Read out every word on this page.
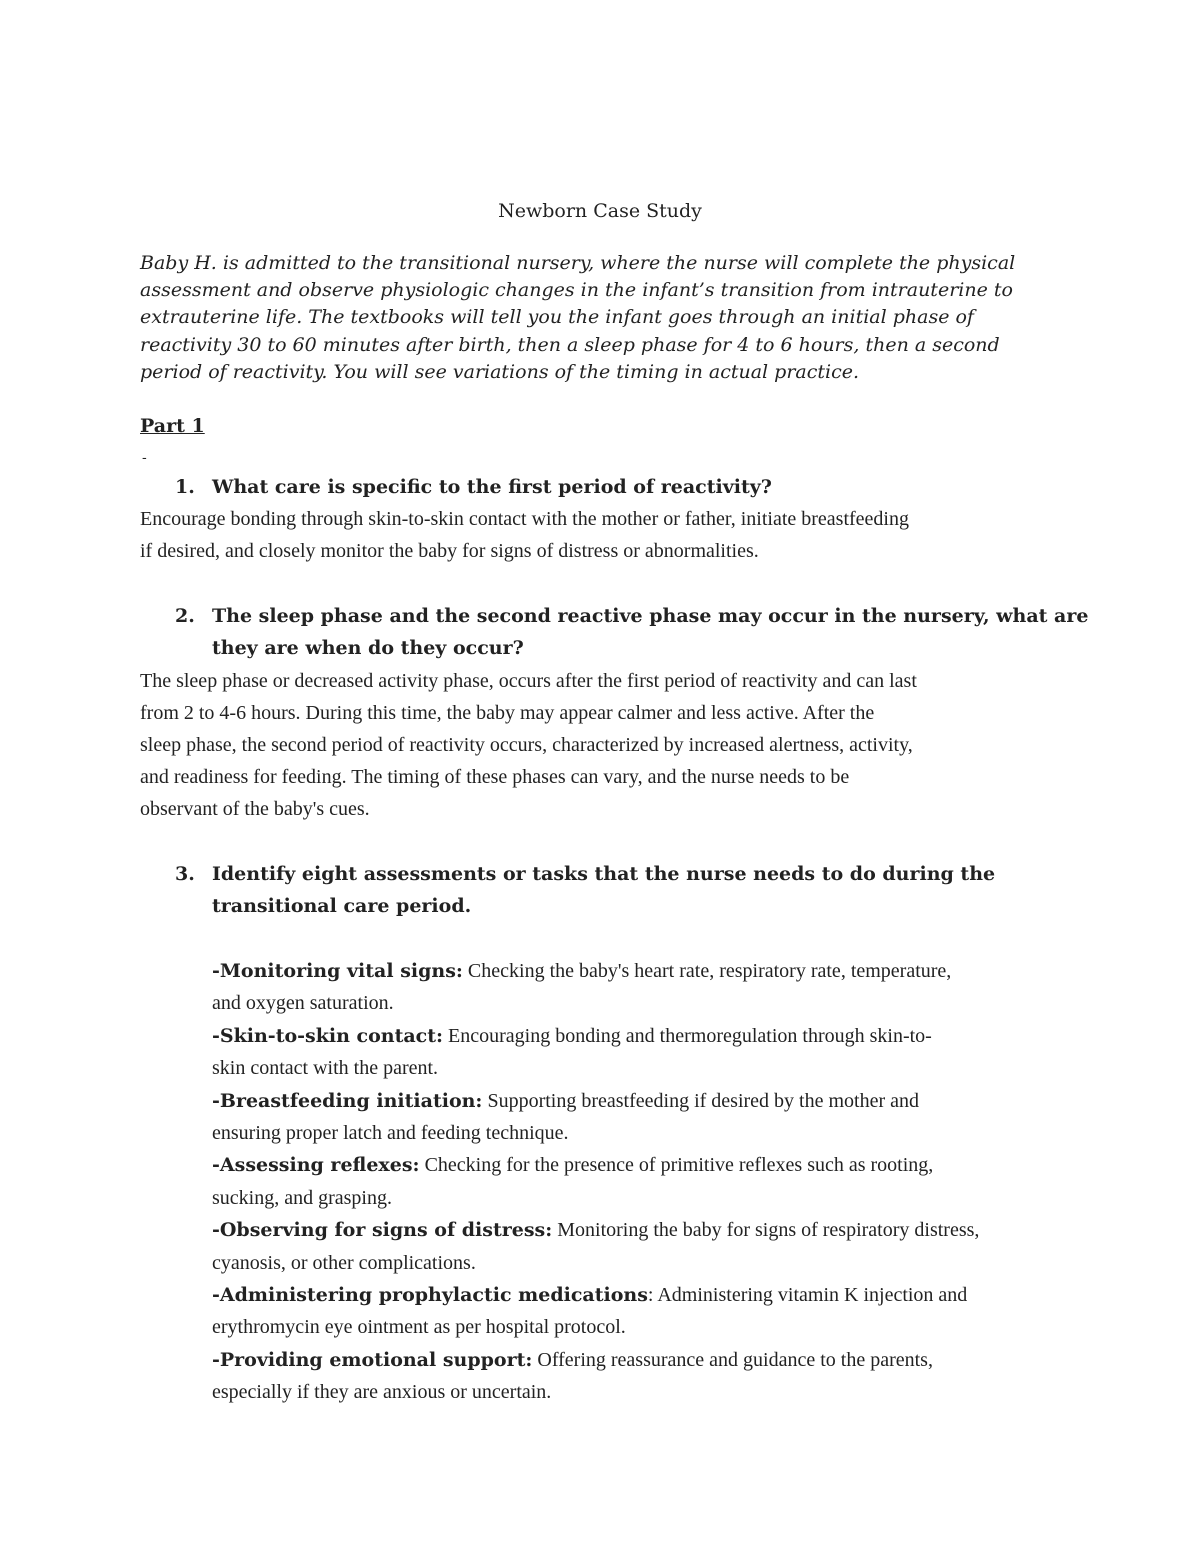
Newborn Case Study
Baby H. is admitted to the transitional nursery, where the nurse will complete the physical
assessment and observe physiologic changes in the infant’s transition from intrauterine to
extrauterine life. The textbooks will tell you the infant goes through an initial phase of
reactivity 30 to 60 minutes after birth, then a sleep phase for 4 to 6 hours, then a second
period of reactivity. You will see variations of the timing in actual practice.
Part 1
-
1. What care is specific to the first period of reactivity?
Encourage bonding through skin-to-skin contact with the mother or father, initiate breastfeeding
if desired, and closely monitor the baby for signs of distress or abnormalities.
2. The sleep phase and the second reactive phase may occur in the nursery, what are
they are when do they occur?
The sleep phase or decreased activity phase, occurs after the first period of reactivity and can last
from 2 to 4-6 hours. During this time, the baby may appear calmer and less active. After the
sleep phase, the second period of reactivity occurs, characterized by increased alertness, activity,
and readiness for feeding. The timing of these phases can vary, and the nurse needs to be
observant of the baby's cues.
3. Identify eight assessments or tasks that the nurse needs to do during the
transitional care period.
-Monitoring vital signs: Checking the baby's heart rate, respiratory rate, temperature,
and oxygen saturation.
-Skin-to-skin contact: Encouraging bonding and thermoregulation through skin-to-
skin contact with the parent.
-Breastfeeding initiation: Supporting breastfeeding if desired by the mother and
ensuring proper latch and feeding technique.
-Assessing reflexes: Checking for the presence of primitive reflexes such as rooting,
sucking, and grasping.
-Observing for signs of distress: Monitoring the baby for signs of respiratory distress,
cyanosis, or other complications.
-Administering prophylactic medications: Administering vitamin K injection and
erythromycin eye ointment as per hospital protocol.
-Providing emotional support: Offering reassurance and guidance to the parents,
especially if they are anxious or uncertain.
